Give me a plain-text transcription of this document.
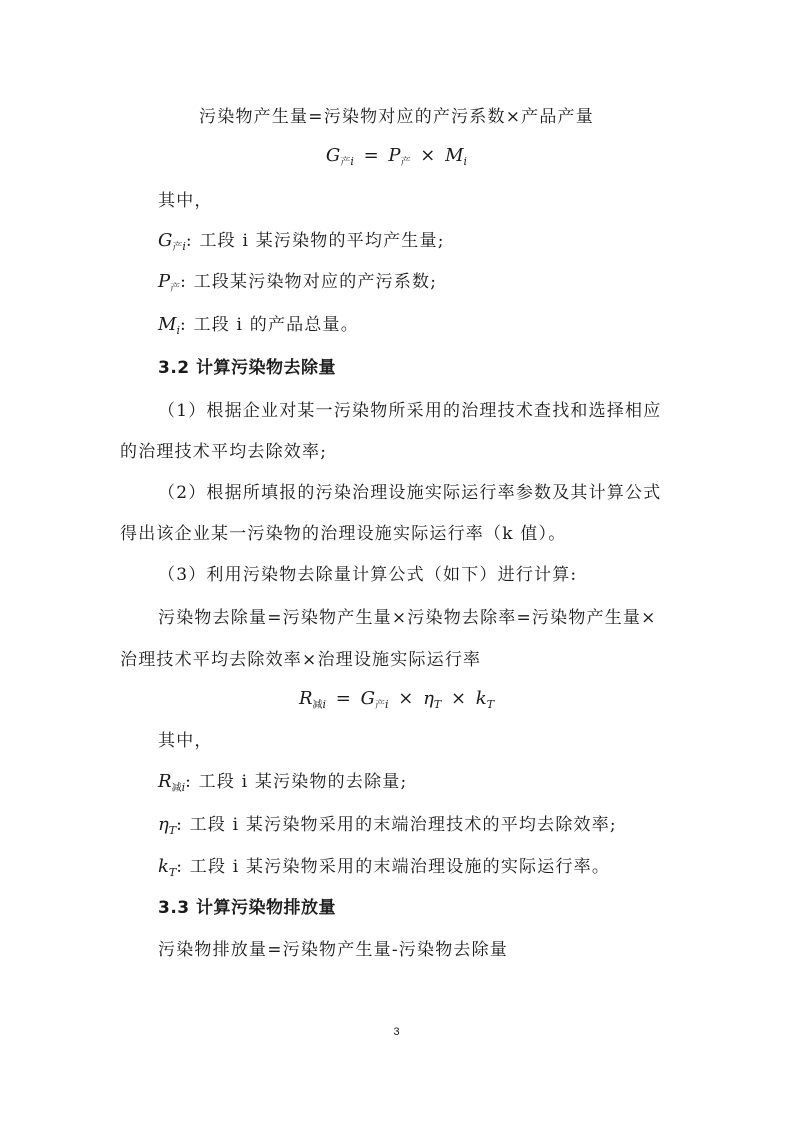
污染物产生量=污染物对应的产污系数×产品产量
$G_{产i} = P_产 \times M_i$
其中，
$G_{产i}$: 工段 i 某污染物的平均产生量;
$P_产$: 工段某污染物对应的产污系数;
$M_i$: 工段 i 的产品总量。
3.2 计算污染物去除量
（1）根据企业对某一污染物所采用的治理技术查找和选择相应
的治理技术平均去除效率;
（2）根据所填报的污染治理设施实际运行率参数及其计算公式
得出该企业某一污染物的治理设施实际运行率（k 值）。
（3）利用污染物去除量计算公式（如下）进行计算:
污染物去除量=污染物产生量×污染物去除率=污染物产生量×
治理技术平均去除效率×治理设施实际运行率
$R_{减i} = G_{产i} \times \eta_T \times k_T$
其中，
$R_{减i}$: 工段 i 某污染物的去除量;
$\eta_T$: 工段 i 某污染物采用的末端治理技术的平均去除效率;
$k_T$: 工段 i 某污染物采用的末端治理设施的实际运行率。
3.3 计算污染物排放量
污染物排放量=污染物产生量-污染物去除量
3
